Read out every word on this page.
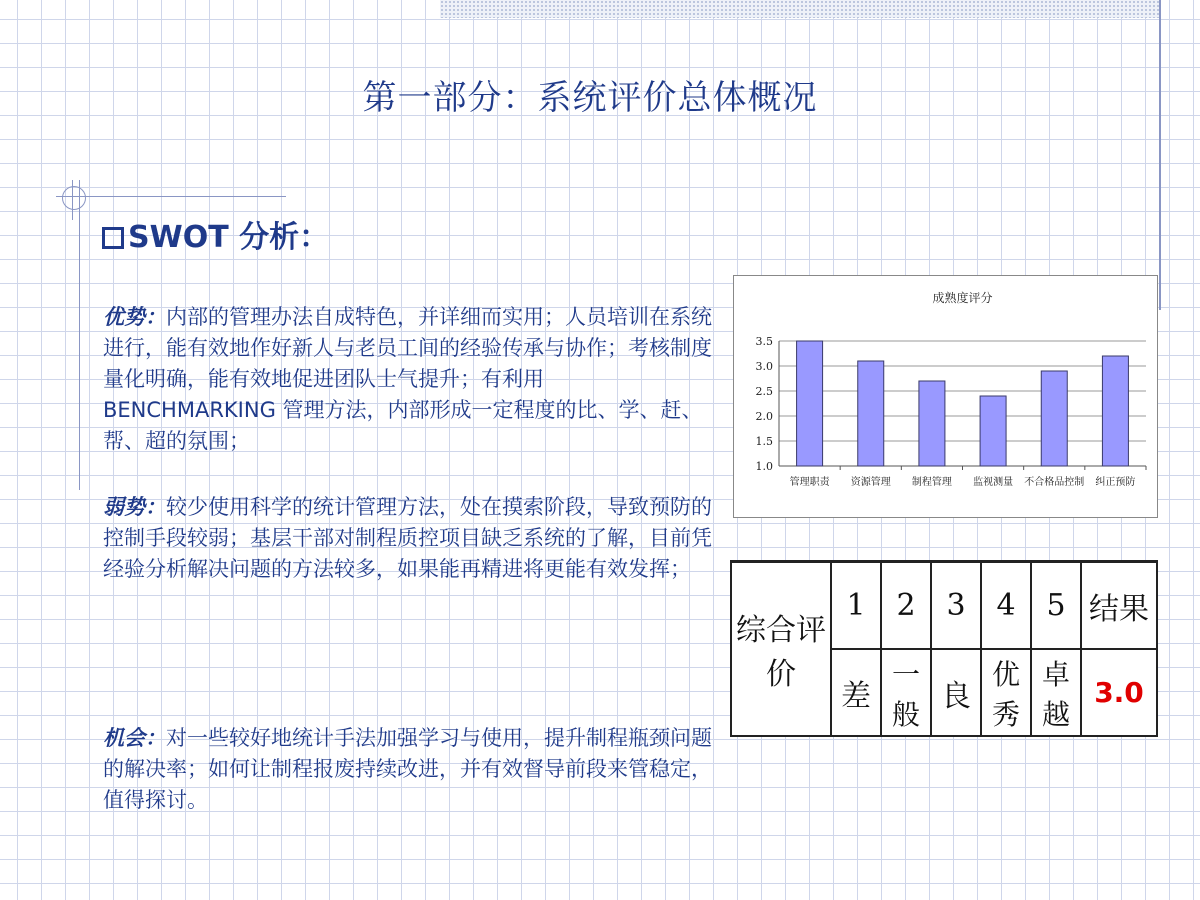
第一部分：系统评价总体概况
SWOT 分析：

优势：内部的管理办法自成特色，并详细而实用；人员培训在系统进行，能有效地作好新人与老员工间的经验传承与协作；考核制度量化明确，能有效地促进团队士气提升；有利用 BENCHMARKING 管理方法，内部形成一定程度的比、学、赶、帮、超的氛围；

弱势：较少使用科学的统计管理方法，处在摸索阶段，导致预防的控制手段较弱；基层干部对制程质控项目缺乏系统的了解，目前凭经验分析解决问题的方法较多，如果能再精进将更能有效发挥；

机会：对一些较好地统计手法加强学习与使用，提升制程瓶颈问题的解决率；如何让制程报废持续改进，并有效督导前段来管稳定，值得探讨。

成熟度评分
1.0
1.5
2.0
2.5
3.0
3.5
管理职责 资源管理 制程管理 监视测量 不合格品控制 纠正预防
综合评价	1	2	3	4	5	结果
	差	一般	良	优秀	卓越	3.0
